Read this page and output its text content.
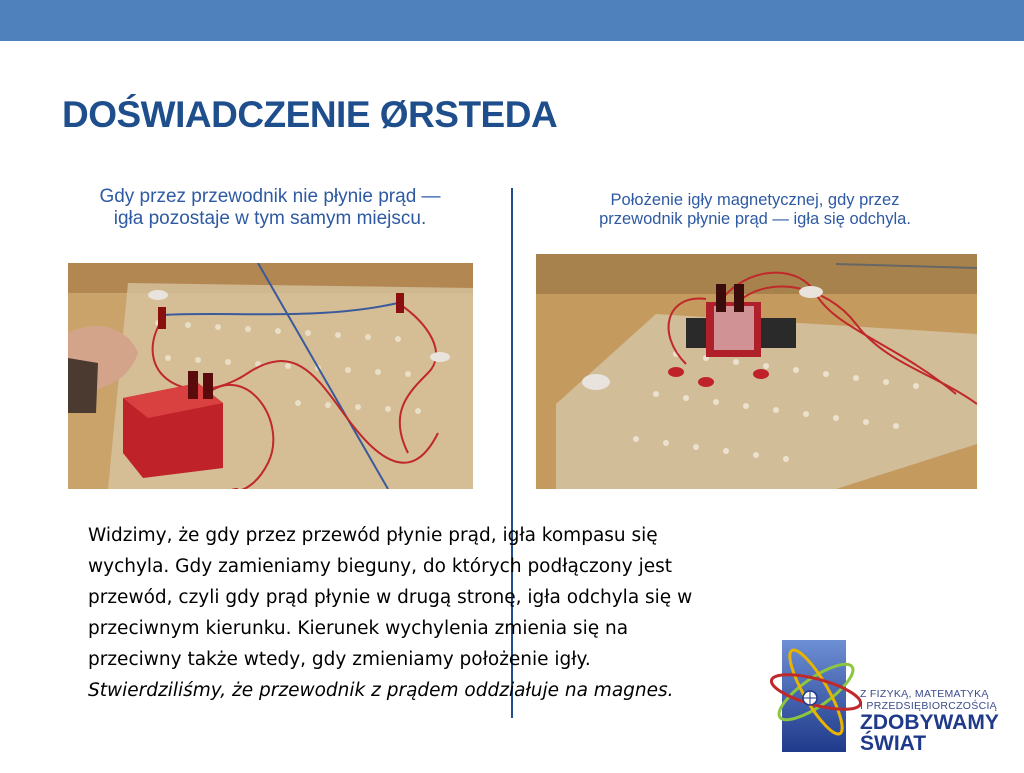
DOŚWIADCZENIE ØRSTEDA
Gdy przez przewodnik nie płynie prąd —
igła pozostaje w tym samym miejscu.
Położenie igły magnetycznej, gdy przez
przewodnik płynie prąd — igła się odchyla.
Widzimy, że gdy przez przewód płynie prąd, igła kompasu się
wychyla. Gdy zamieniamy bieguny, do których podłączony jest
przewód, czyli gdy prąd płynie w drugą stronę, igła odchyla się w
przeciwnym kierunku. Kierunek wychylenia zmienia się na
przeciwny także wtedy, gdy zmieniamy położenie igły.
Stwierdziliśmy, że przewodnik z prądem oddziałuje na magnes.	Z FIZYKĄ, MATEMATYKĄ
I PRZEDSIĘBIORCZOŚCIĄ
ZDOBYWAMY
ŚWIAT
